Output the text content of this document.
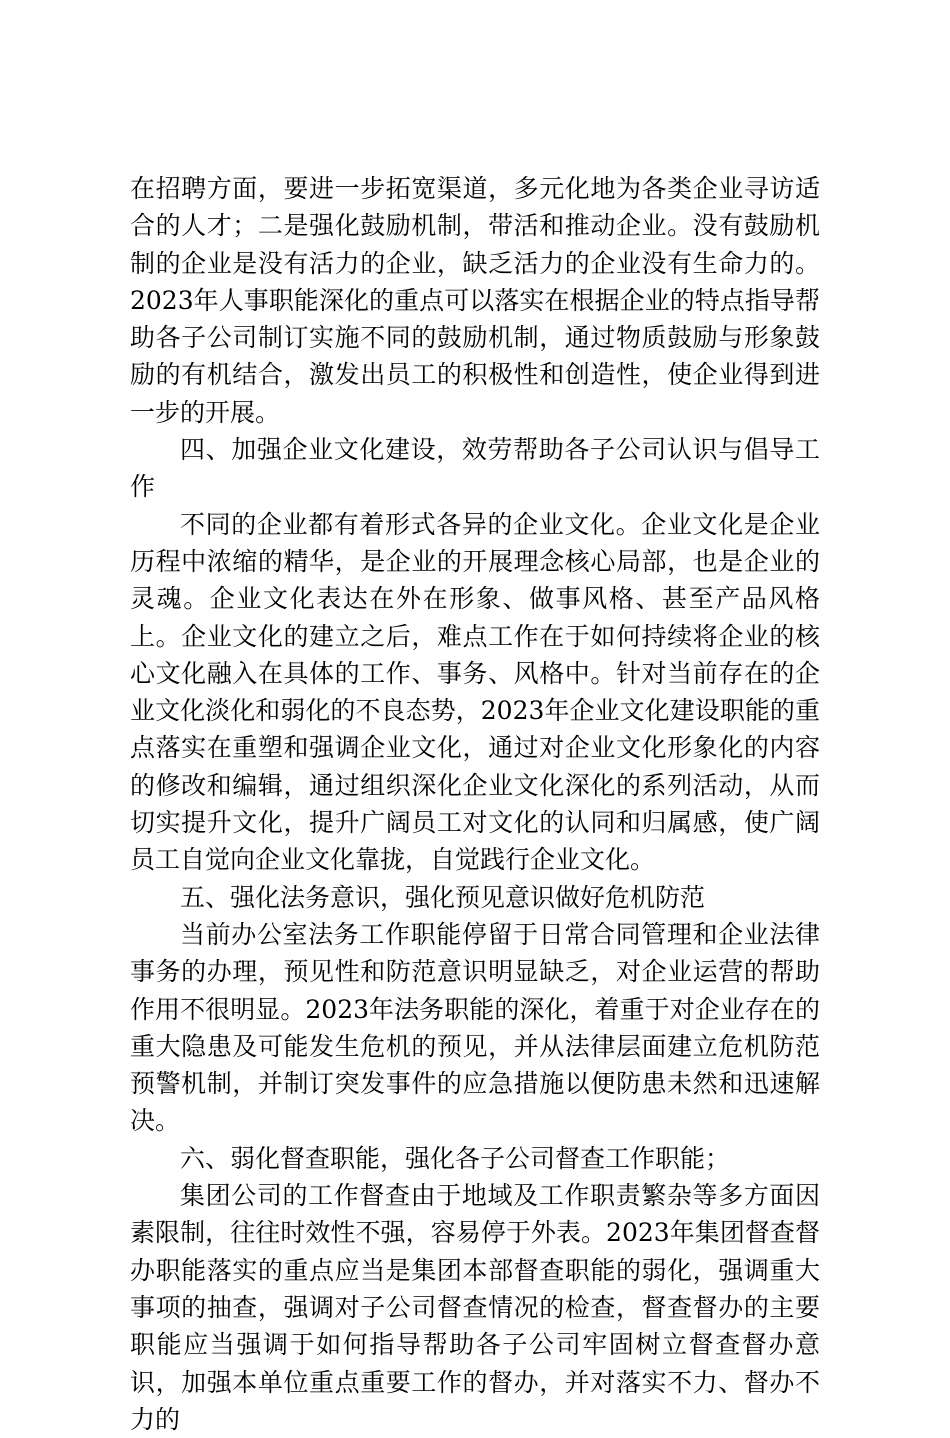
在招聘方面，要进一步拓宽渠道，多元化地为各类企业寻访适合的人才；二是强化鼓励机制，带活和推动企业。没有鼓励机制的企业是没有活力的企业，缺乏活力的企业没有生命力的。2023年人事职能深化的重点可以落实在根据企业的特点指导帮助各子公司制订实施不同的鼓励机制，通过物质鼓励与形象鼓励的有机结合，激发出员工的积极性和创造性，使企业得到进一步的开展。

四、加强企业文化建设，效劳帮助各子公司认识与倡导工作

不同的企业都有着形式各异的企业文化。企业文化是企业历程中浓缩的精华，是企业的开展理念核心局部，也是企业的灵魂。企业文化表达在外在形象、做事风格、甚至产品风格上。企业文化的建立之后，难点工作在于如何持续将企业的核心文化融入在具体的工作、事务、风格中。针对当前存在的企业文化淡化和弱化的不良态势，2023年企业文化建设职能的重点落实在重塑和强调企业文化，通过对企业文化形象化的内容的修改和编辑，通过组织深化企业文化深化的系列活动，从而切实提升文化，提升广阔员工对文化的认同和归属感，使广阔员工自觉向企业文化靠拢，自觉践行企业文化。

五、强化法务意识，强化预见意识做好危机防范

当前办公室法务工作职能停留于日常合同管理和企业法律事务的办理，预见性和防范意识明显缺乏，对企业运营的帮助作用不很明显。2023年法务职能的深化，着重于对企业存在的重大隐患及可能发生危机的预见，并从法律层面建立危机防范预警机制，并制订突发事件的应急措施以便防患未然和迅速解决。

六、弱化督查职能，强化各子公司督查工作职能；

集团公司的工作督查由于地域及工作职责繁杂等多方面因素限制，往往时效性不强，容易停于外表。2023年集团督查督办职能落实的重点应当是集团本部督查职能的弱化，强调重大事项的抽查，强调对子公司督查情况的检查，督查督办的主要职能应当强调于如何指导帮助各子公司牢固树立督查督办意识，加强本单位重点重要工作的督办，并对落实不力、督办不力的
